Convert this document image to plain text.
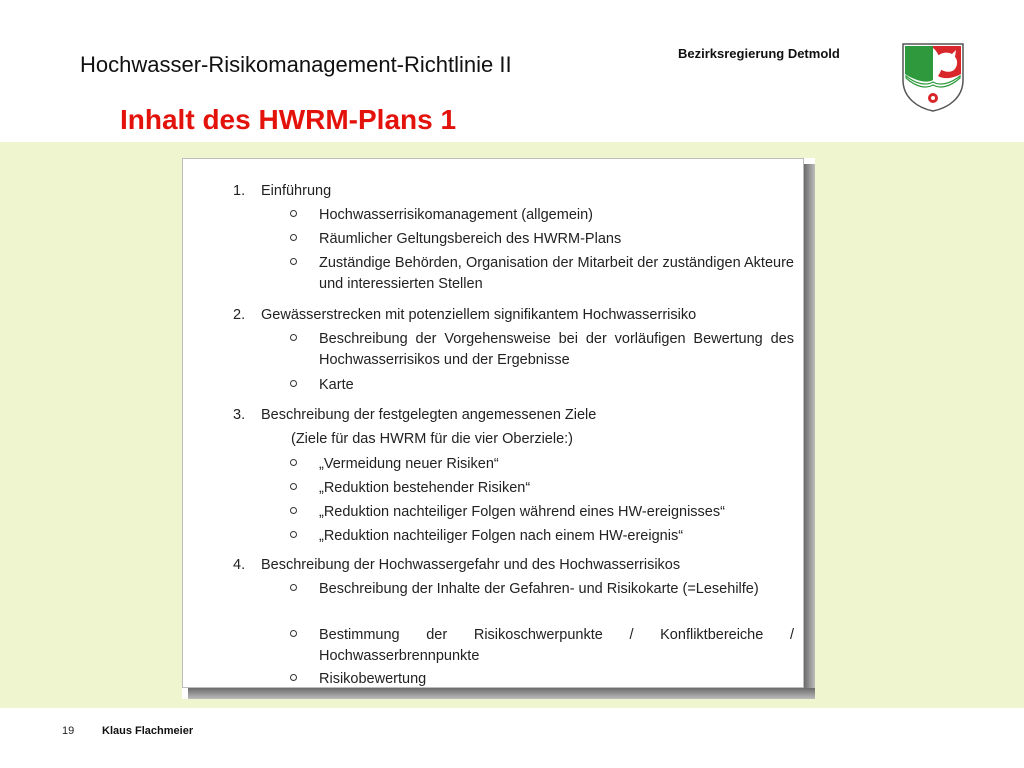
Hochwasser-Risikomanagement-Richtlinie II
Inhalt des HWRM-Plans 1
Bezirksregierung Detmold
1. Einführung
Hochwasserrisikomanagement (allgemein)
Räumlicher Geltungsbereich des HWRM-Plans
Zuständige Behörden, Organisation der Mitarbeit der zuständigen Akteure und interessierten Stellen
2. Gewässerstrecken mit potenziellem signifikantem Hochwasserrisiko
Beschreibung der Vorgehensweise bei der vorläufigen Bewertung des Hochwasserrisikos und der Ergebnisse
Karte
3. Beschreibung der festgelegten angemessenen Ziele
(Ziele für das HWRM für die vier Oberziele:)
„Vermeidung neuer Risiken“
„Reduktion bestehender Risiken“
„Reduktion nachteiliger Folgen während eines HW-ereignisses“
„Reduktion nachteiliger Folgen nach einem HW-ereignis“
4. Beschreibung der Hochwassergefahr und des Hochwasserrisikos
Beschreibung der Inhalte der Gefahren- und Risikokarte (=Lesehilfe)
Bestimmung der Risikoschwerpunkte / Konfliktbereiche / Hochwasserbrennpunkte
Risikobewertung
19	Klaus Flachmeier
